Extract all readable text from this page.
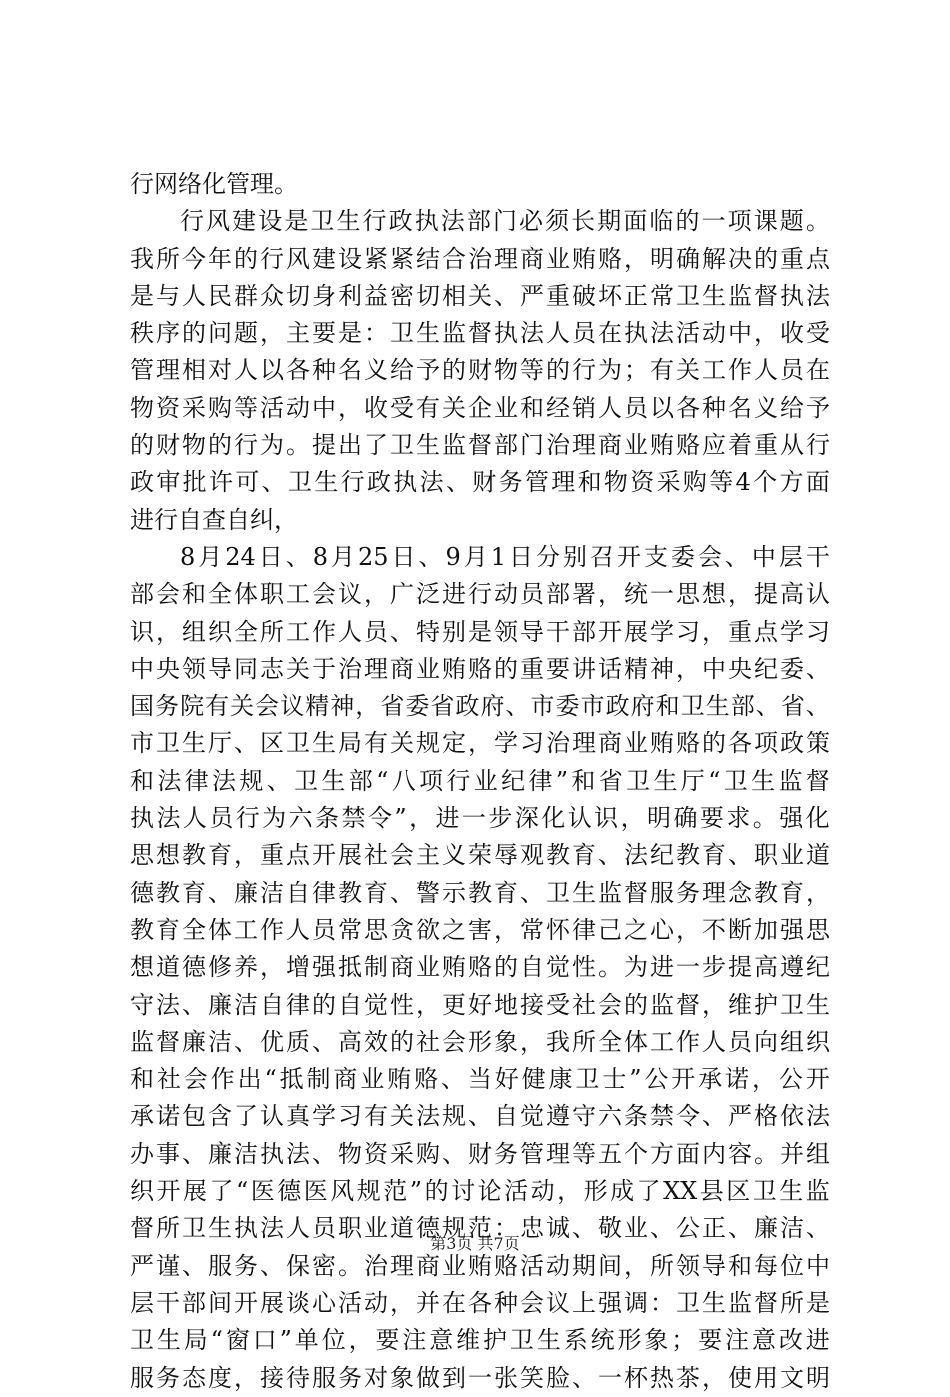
行网络化管理。
行 风 建 设 是 卫 生 行 政 执 法 部 门 必 须 长 期 面 临 的 一 项 课 题 。
我 所 今 年 的 行 风 建 设 紧 紧 结 合 治 理 商 业 贿 赂 ， 明 确 解 决 的 重 点
是 与 人 民 群 众 切 身 利 益 密 切 相 关 、 严 重 破 坏 正 常 卫 生 监 督 执 法
秩 序 的 问 题 ， 主 要 是 ： 卫 生 监 督 执 法 人 员 在 执 法 活 动 中 ， 收 受
管 理 相 对 人 以 各 种 名 义 给 予 的 财 物 等 的 行 为 ； 有 关 工 作 人 员 在
物 资 采 购 等 活 动 中 ， 收 受 有 关 企 业 和 经 销 人 员 以 各 种 名 义 给 予
的 财 物 的 行 为 。 提 出 了 卫 生 监 督 部 门 治 理 商 业 贿 赂 应 着 重 从 行
政 审 批 许 可 、 卫 生 行 政 执 法 、 财 务 管 理 和 物 资 采 购 等 4 个 方 面
进行自查自纠，
8 月 24 日 、 8 月 25 日 、 9 月 1 日 分 别 召 开 支 委 会 、 中 层 干
部 会 和 全 体 职 工 会 议 ， 广 泛 进 行 动 员 部 署 ， 统 一 思 想 ， 提 高 认
识 ， 组 织 全 所 工 作 人 员 、 特 别 是 领 导 干 部 开 展 学 习 ， 重 点 学 习
中 央 领 导 同 志 关 于 治 理 商 业 贿 赂 的 重 要 讲 话 精 神 ， 中 央 纪 委 、
国 务 院 有 关 会 议 精 神 ， 省 委 省 政 府 、 市 委 市 政 府 和 卫 生 部 、 省 、
市 卫 生 厅 、 区 卫 生 局 有 关 规 定 ， 学 习 治 理 商 业 贿 赂 的 各 项 政 策
和 法 律 法 规 、 卫 生 部 “ 八 项 行 业 纪 律 ” 和 省 卫 生 厅 “ 卫 生 监 督
执 法 人 员 行 为 六 条 禁 令 ” ， 进 一 步 深 化 认 识 ， 明 确 要 求 。 强 化
思 想 教 育 ， 重 点 开 展 社 会 主 义 荣 辱 观 教 育 、 法 纪 教 育 、 职 业 道
德 教 育 、 廉 洁 自 律 教 育 、 警 示 教 育 、 卫 生 监 督 服 务 理 念 教 育 ，
教 育 全 体 工 作 人 员 常 思 贪 欲 之 害 ， 常 怀 律 己 之 心 ， 不 断 加 强 思
想 道 德 修 养 ， 增 强 抵 制 商 业 贿 赂 的 自 觉 性 。 为 进 一 步 提 高 遵 纪
守 法 、 廉 洁 自 律 的 自 觉 性 ， 更 好 地 接 受 社 会 的 监 督 ， 维 护 卫 生
监 督 廉 洁 、 优 质 、 高 效 的 社 会 形 象 ， 我 所 全 体 工 作 人 员 向 组 织
和 社 会 作 出 “ 抵 制 商 业 贿 赂 、 当 好 健 康 卫 士 ” 公 开 承 诺 ， 公 开
承 诺 包 含 了 认 真 学 习 有 关 法 规 、 自 觉 遵 守 六 条 禁 令 、 严 格 依 法
办 事 、 廉 洁 执 法 、 物 资 采 购 、 财 务 管 理 等 五 个 方 面 内 容 。 并 组
织 开 展 了 “ 医 德 医 风 规 范 ” 的 讨 论 活 动 ， 形 成 了 XX 县 区 卫 生 监
督 所 卫 生 执 法 人 员 职 业 道 德 规 范 ： 忠 诚 、 敬 业 、 公 正 、 廉 洁 、
严 谨 、 服 务 、 保 密 。 治 理 商 业 贿 赂 活 动 期 间 ， 所 领 导 和 每 位 中
层 干 部 间 开 展 谈 心 活 动 ， 并 在 各 种 会 议 上 强 调 ： 卫 生 监 督 所 是
卫 生 局 “ 窗 口 ” 单 位 ， 要 注 意 维 护 卫 生 系 统 形 象 ； 要 注 意 改 进
服 务 态 度 ， 接 待 服 务 对 象 做 到 一 张 笑 脸 、 一 杯 热 茶 ， 使 用 文 明
第3页 共7页
